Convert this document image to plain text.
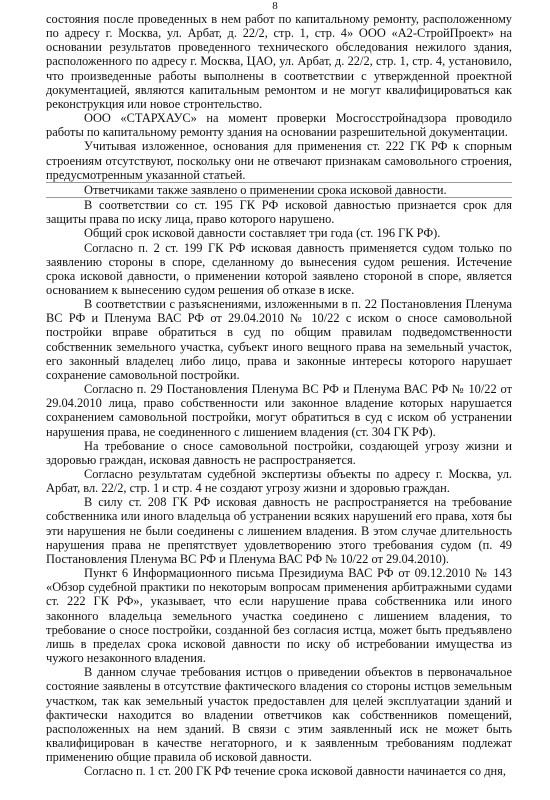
8

состояния после проведенных в нем работ по капитальному ремонту, расположенному по адресу г. Москва, ул. Арбат, д. 22/2, стр. 1, стр. 4» ООО «А2-СтройПроект» на основании результатов проведенного технического обследования нежилого здания, расположенного по адресу г. Москва, ЦАО, ул. Арбат, д. 22/2, стр. 1, стр. 4, установило, что произведенные работы выполнены в соответствии с утвержденной проектной документацией, являются капитальным ремонтом и не могут квалифицироваться как реконструкция или новое стронтельство.

ООО «СТАРХАУС» на момент проверки Мосгосстройнадзора проводило работы по капитальному ремонту здания на основании разрешительной документации.

Учитывая изложенное, основания для применения ст. 222 ГК РФ к спорным строениям отсутствуют, поскольку они не отвечают признакам самовольного строения, предусмотренным указанной статьей.

Ответчиками также заявлено о применении срока исковой давности.

В соответствии со ст. 195 ГК РФ исковой давностью признается срок для защиты права по иску лица, право которого нарушено.

Общий срок исковой давности составляет три года (ст. 196 ГК РФ).

Согласно п. 2 ст. 199 ГК РФ исковая давность применяется судом только по заявлению стороны в споре, сделанному до вынесения судом решения. Истечение срока исковой давности, о применении которой заявлено стороной в споре, является основанием к вынесению судом решения об отказе в иске.

В соответствии с разъяснениями, изложенными в п. 22 Постановления Пленума ВС РФ и Пленума ВАС РФ от 29.04.2010 № 10/22 с иском о сносе самовольной постройки вправе обратиться в суд по общим правилам подведомственности собственник земельного участка, субъект иного вещного права на земельный участок, его законный владелец либо лицо, права и законные интересы которого нарушает сохранение самовольной постройки.

Согласно п. 29 Постановления Пленума ВС РФ и Пленума ВАС РФ № 10/22 от 29.04.2010 лица, право собственности или законное владение которых нарушается сохранением самовольной постройки, могут обратиться в суд с иском об устранении нарушения права, не соединенного с лишением владения (ст. 304 ГК РФ).

На требование о сносе самовольной постройки, создающей угрозу жизни и здоровью граждан, исковая давность не распространяется.

Согласно результатам судебной экспертизы объекты по адресу г. Москва, ул. Арбат, вл. 22/2, стр. 1 и стр. 4 не создают угрозу жизни и здоровью граждан.

В силу ст. 208 ГК РФ исковая давность не распространяется на требование собственника или иного владельца об устранении всяких нарушений его права, хотя бы эти нарушения не были соединены с лишением владения. В этом случае длительность нарушения права не препятствует удовлетворению этого требования судом (п. 49 Постановления Пленума ВС РФ и Пленума ВАС РФ № 10/22 от 29.04.2010).

Пункт 6 Информационного письма Президиума ВАС РФ от 09.12.2010 № 143 «Обзор судебной практики по некоторым вопросам применения арбитражными судами ст. 222 ГК РФ», указывает, что если нарушение права собственника или иного законного владельца земельного участка соединено с лишением владения, то требование о сносе постройки, созданной без согласия истца, может быть предъявлено лишь в пределах срока исковой давности по иску об истребовании имущества из чужого незаконного владения.

В данном случае требования истцов о приведении объектов в первоначальное состояние заявлены в отсутствие фактического владения со стороны истцов земельным участком, так как земельный участок предоставлен для целей эксплуатации зданий и фактически находится во владении ответчиков как собственников помещений, расположенных на нем зданий. В связи с этим заявленный иск не может быть квалифицирован в качестве негаторного, и к заявленным требованиям подлежат применению общие правила об исковой давности.

Согласно п. 1 ст. 200 ГК РФ течение срока исковой давности начинается со дня,
